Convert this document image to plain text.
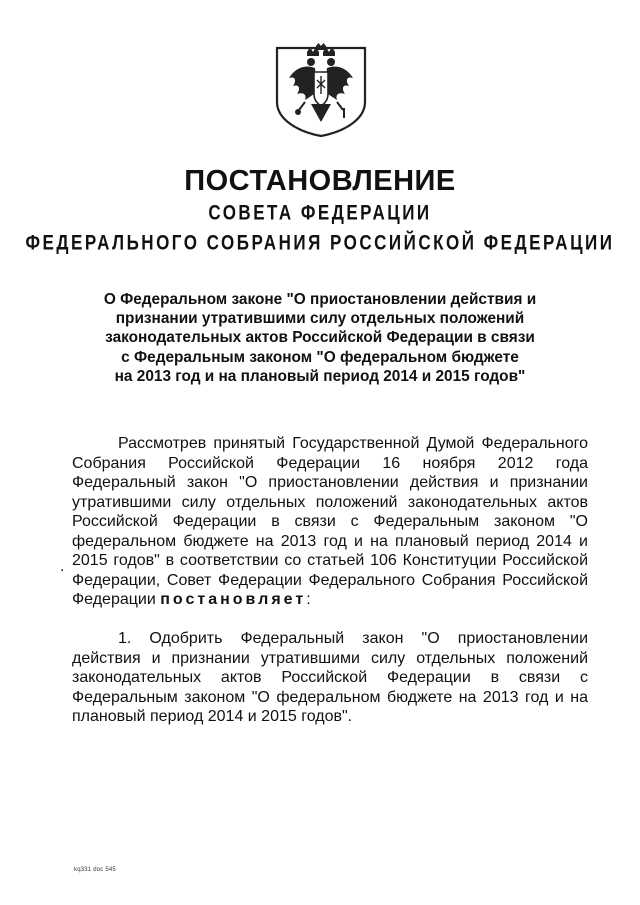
ПОСТАНОВЛЕНИЕ
СОВЕТА ФЕДЕРАЦИИ
ФЕДЕРАЛЬНОГО СОБРАНИЯ РОССИЙСКОЙ ФЕДЕРАЦИИ
О Федеральном законе "О приостановлении действия и
признании утратившими силу отдельных положений
законодательных актов Российской Федерации в связи
с Федеральным законом "О федеральном бюджете
на 2013 год и на плановый период 2014 и 2015 годов"
Рассмотрев принятый Государственной Думой Федерального Собрания Российской Федерации 16 ноября 2012 года Федеральный закон "О приостановлении действия и признании утратившими силу отдельных положений законодательных актов Российской Федерации в связи с Федеральным законом "О федеральном бюджете на 2013 год и на плановый период 2014 и 2015 годов" в соответствии со статьей 106 Конституции Российской Федерации, Совет Федерации Федерального Собрания Российской Федерации постановляет:
.
1. Одобрить Федеральный закон "О приостановлении действия и признании утратившими силу отдельных положений законодательных актов Российской Федерации в связи с Федеральным законом "О федеральном бюджете на 2013 год и на плановый период 2014 и 2015 годов".
kq331 doc 545
